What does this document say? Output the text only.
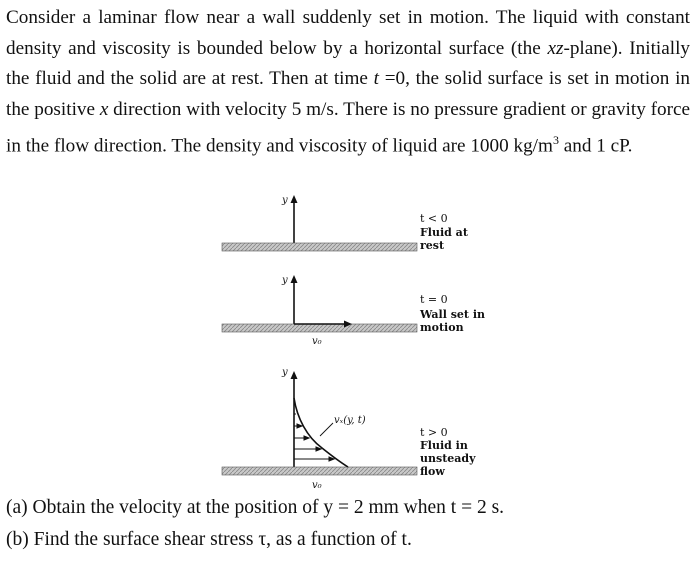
Consider a laminar flow near a wall suddenly set in motion. The liquid with constant density and viscosity is bounded below by a horizontal surface (the xz-plane). Initially the fluid and the solid are at rest. Then at time t =0, the solid surface is set in motion in the positive x direction with velocity 5 m/s. There is no pressure gradient or gravity force in the flow direction. The density and viscosity of liquid are 1000 $kg/m^3$ and 1 cP.
y
t < 0
Fluid at
rest
y
v₀
t = 0
Wall set in
motion
y
vₓ(y, t)
v₀
t > 0
Fluid in
unsteady
flow
(a) Obtain the velocity at the position of y = 2 mm when t = 2 s.
(b) Find the surface shear stress τ, as a function of t.
